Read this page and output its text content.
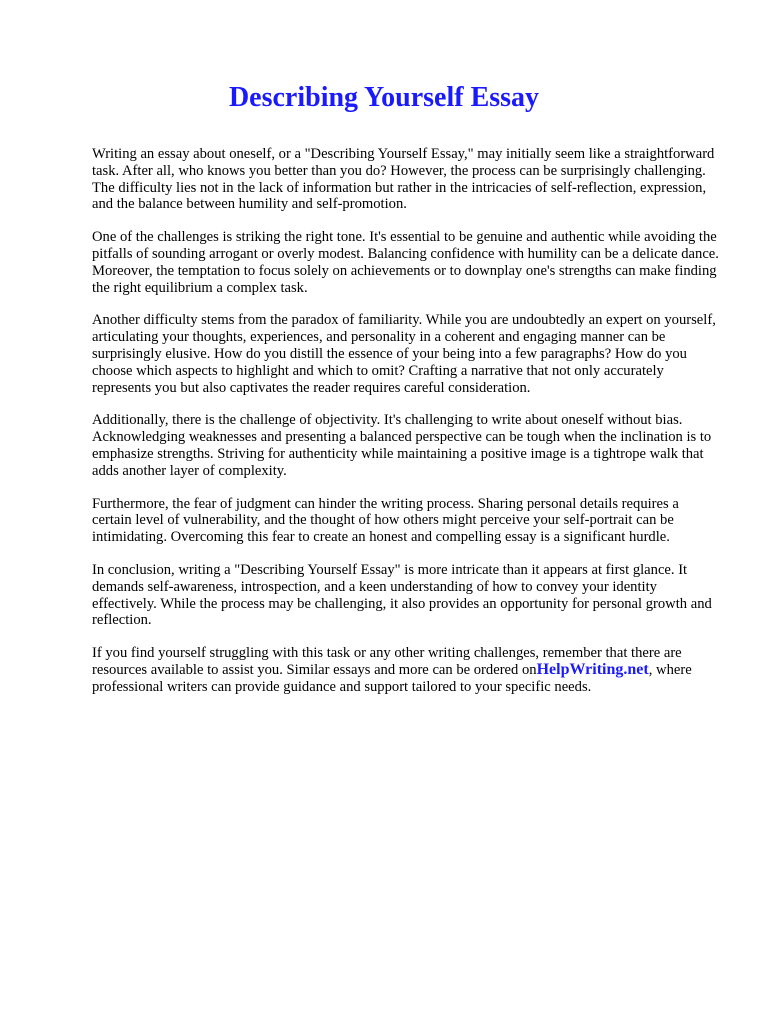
Describing Yourself Essay

Writing an essay about oneself, or a "Describing Yourself Essay," may initially seem like a straightforward task. After all, who knows you better than you do? However, the process can be surprisingly challenging. The difficulty lies not in the lack of information but rather in the intricacies of self-reflection, expression, and the balance between humility and self-promotion.

One of the challenges is striking the right tone. It's essential to be genuine and authentic while avoiding the pitfalls of sounding arrogant or overly modest. Balancing confidence with humility can be a delicate dance. Moreover, the temptation to focus solely on achievements or to downplay one's strengths can make finding the right equilibrium a complex task.

Another difficulty stems from the paradox of familiarity. While you are undoubtedly an expert on yourself, articulating your thoughts, experiences, and personality in a coherent and engaging manner can be surprisingly elusive. How do you distill the essence of your being into a few paragraphs? How do you choose which aspects to highlight and which to omit? Crafting a narrative that not only accurately represents you but also captivates the reader requires careful consideration.

Additionally, there is the challenge of objectivity. It's challenging to write about oneself without bias. Acknowledging weaknesses and presenting a balanced perspective can be tough when the inclination is to emphasize strengths. Striving for authenticity while maintaining a positive image is a tightrope walk that adds another layer of complexity.

Furthermore, the fear of judgment can hinder the writing process. Sharing personal details requires a certain level of vulnerability, and the thought of how others might perceive your self-portrait can be intimidating. Overcoming this fear to create an honest and compelling essay is a significant hurdle.

In conclusion, writing a "Describing Yourself Essay" is more intricate than it appears at first glance. It demands self-awareness, introspection, and a keen understanding of how to convey your identity effectively. While the process may be challenging, it also provides an opportunity for personal growth and reflection.

If you find yourself struggling with this task or any other writing challenges, remember that there are resources available to assist you. Similar essays and more can be ordered onHelpWriting.net, where professional writers can provide guidance and support tailored to your specific needs.
